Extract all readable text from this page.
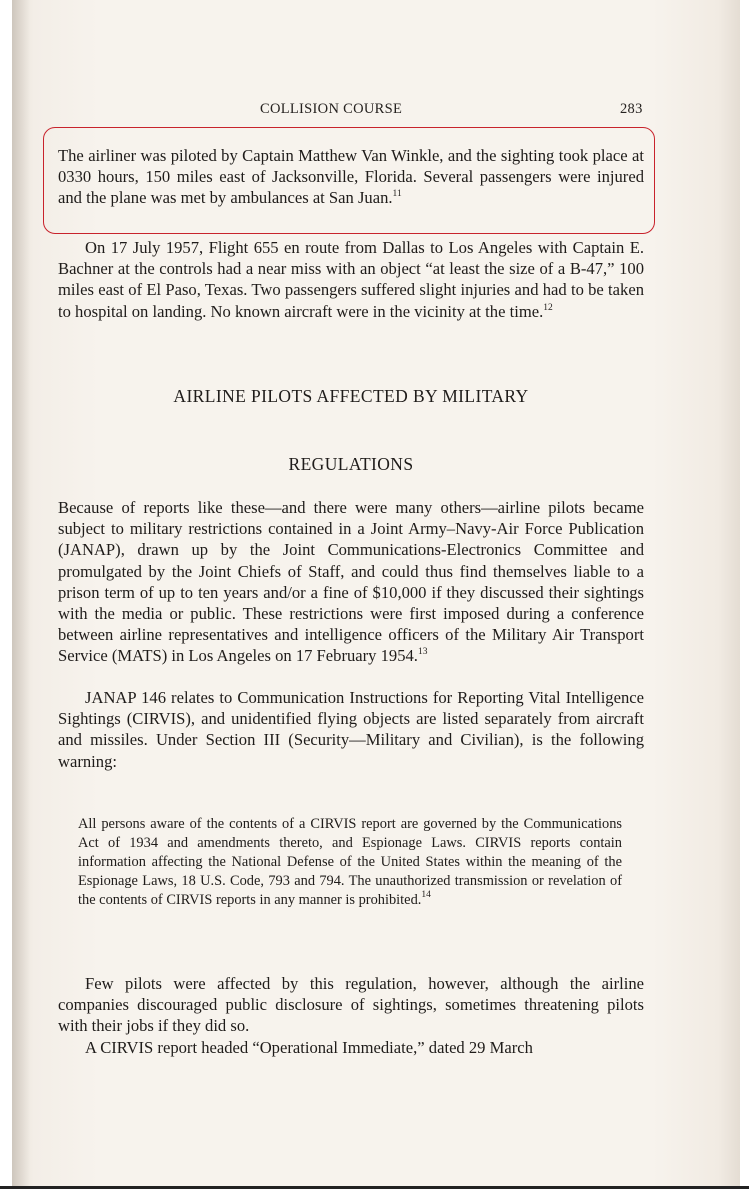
COLLISION COURSE	283

The airliner was piloted by Captain Matthew Van Winkle, and the sighting took place at 0330 hours, 150 miles east of Jacksonville, Florida. Several passengers were injured and the plane was met by ambulances at San Juan.$^{11}$

On 17 July 1957, Flight 655 en route from Dallas to Los Angeles with Captain E. Bachner at the controls had a near miss with an object “at least the size of a B-47,” 100 miles east of El Paso, Texas. Two passengers suffered slight injuries and had to be taken to hospital on landing. No known aircraft were in the vicinity at the time.$^{12}$

AIRLINE PILOTS AFFECTED BY MILITARY
REGULATIONS

Because of reports like these—and there were many others—airline pilots became subject to military restrictions contained in a Joint Army–Navy-Air Force Publication (JANAP), drawn up by the Joint Communications-Electronics Committee and promulgated by the Joint Chiefs of Staff, and could thus find themselves liable to a prison term of up to ten years and/or a fine of $10,000 if they discussed their sightings with the media or public. These restrictions were first imposed during a conference between airline representatives and intelligence officers of the Military Air Transport Service (MATS) in Los Angeles on 17 February 1954.13

JANAP 146 relates to Communication Instructions for Reporting Vital Intelligence Sightings (CIRVIS), and unidentified flying objects are listed separately from aircraft and missiles. Under Section III (Security—Military and Civilian), is the following warning:

All persons aware of the contents of a CIRVIS report are governed by the Communications Act of 1934 and amendments thereto, and Espionage Laws. CIRVIS reports contain information affecting the National Defense of the United States within the meaning of the Espionage Laws, 18 U.S. Code, 793 and 794. The unauthorized transmission or revelation of the contents of CIRVIS reports in any manner is prohibited.$^{14}$

Few pilots were affected by this regulation, however, although the airline companies discouraged public disclosure of sightings, sometimes threatening pilots with their jobs if they did so.

A CIRVIS report headed “Operational Immediate,” dated 29 March
